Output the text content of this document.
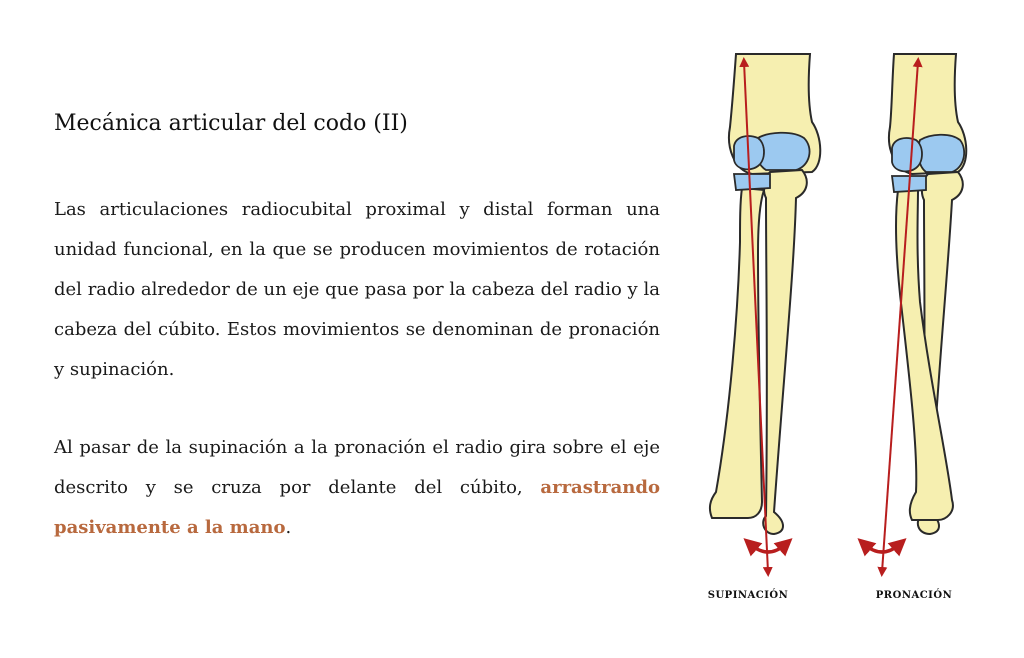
Mecánica articular del codo (II)

Las articulaciones radiocubital proximal y distal forman una unidad funcional, en la que se producen movimientos de rotación del radio alrededor de un eje que pasa por la cabeza del radio y la cabeza del cúbito. Estos movimientos se denominan de pronación y supinación.

Al pasar de la supinación a la pronación el radio gira sobre el eje descrito y se cruza por delante del cúbito, arrastrando pasivamente a la mano.

SUPINACIÓN	PRONACIÓN
